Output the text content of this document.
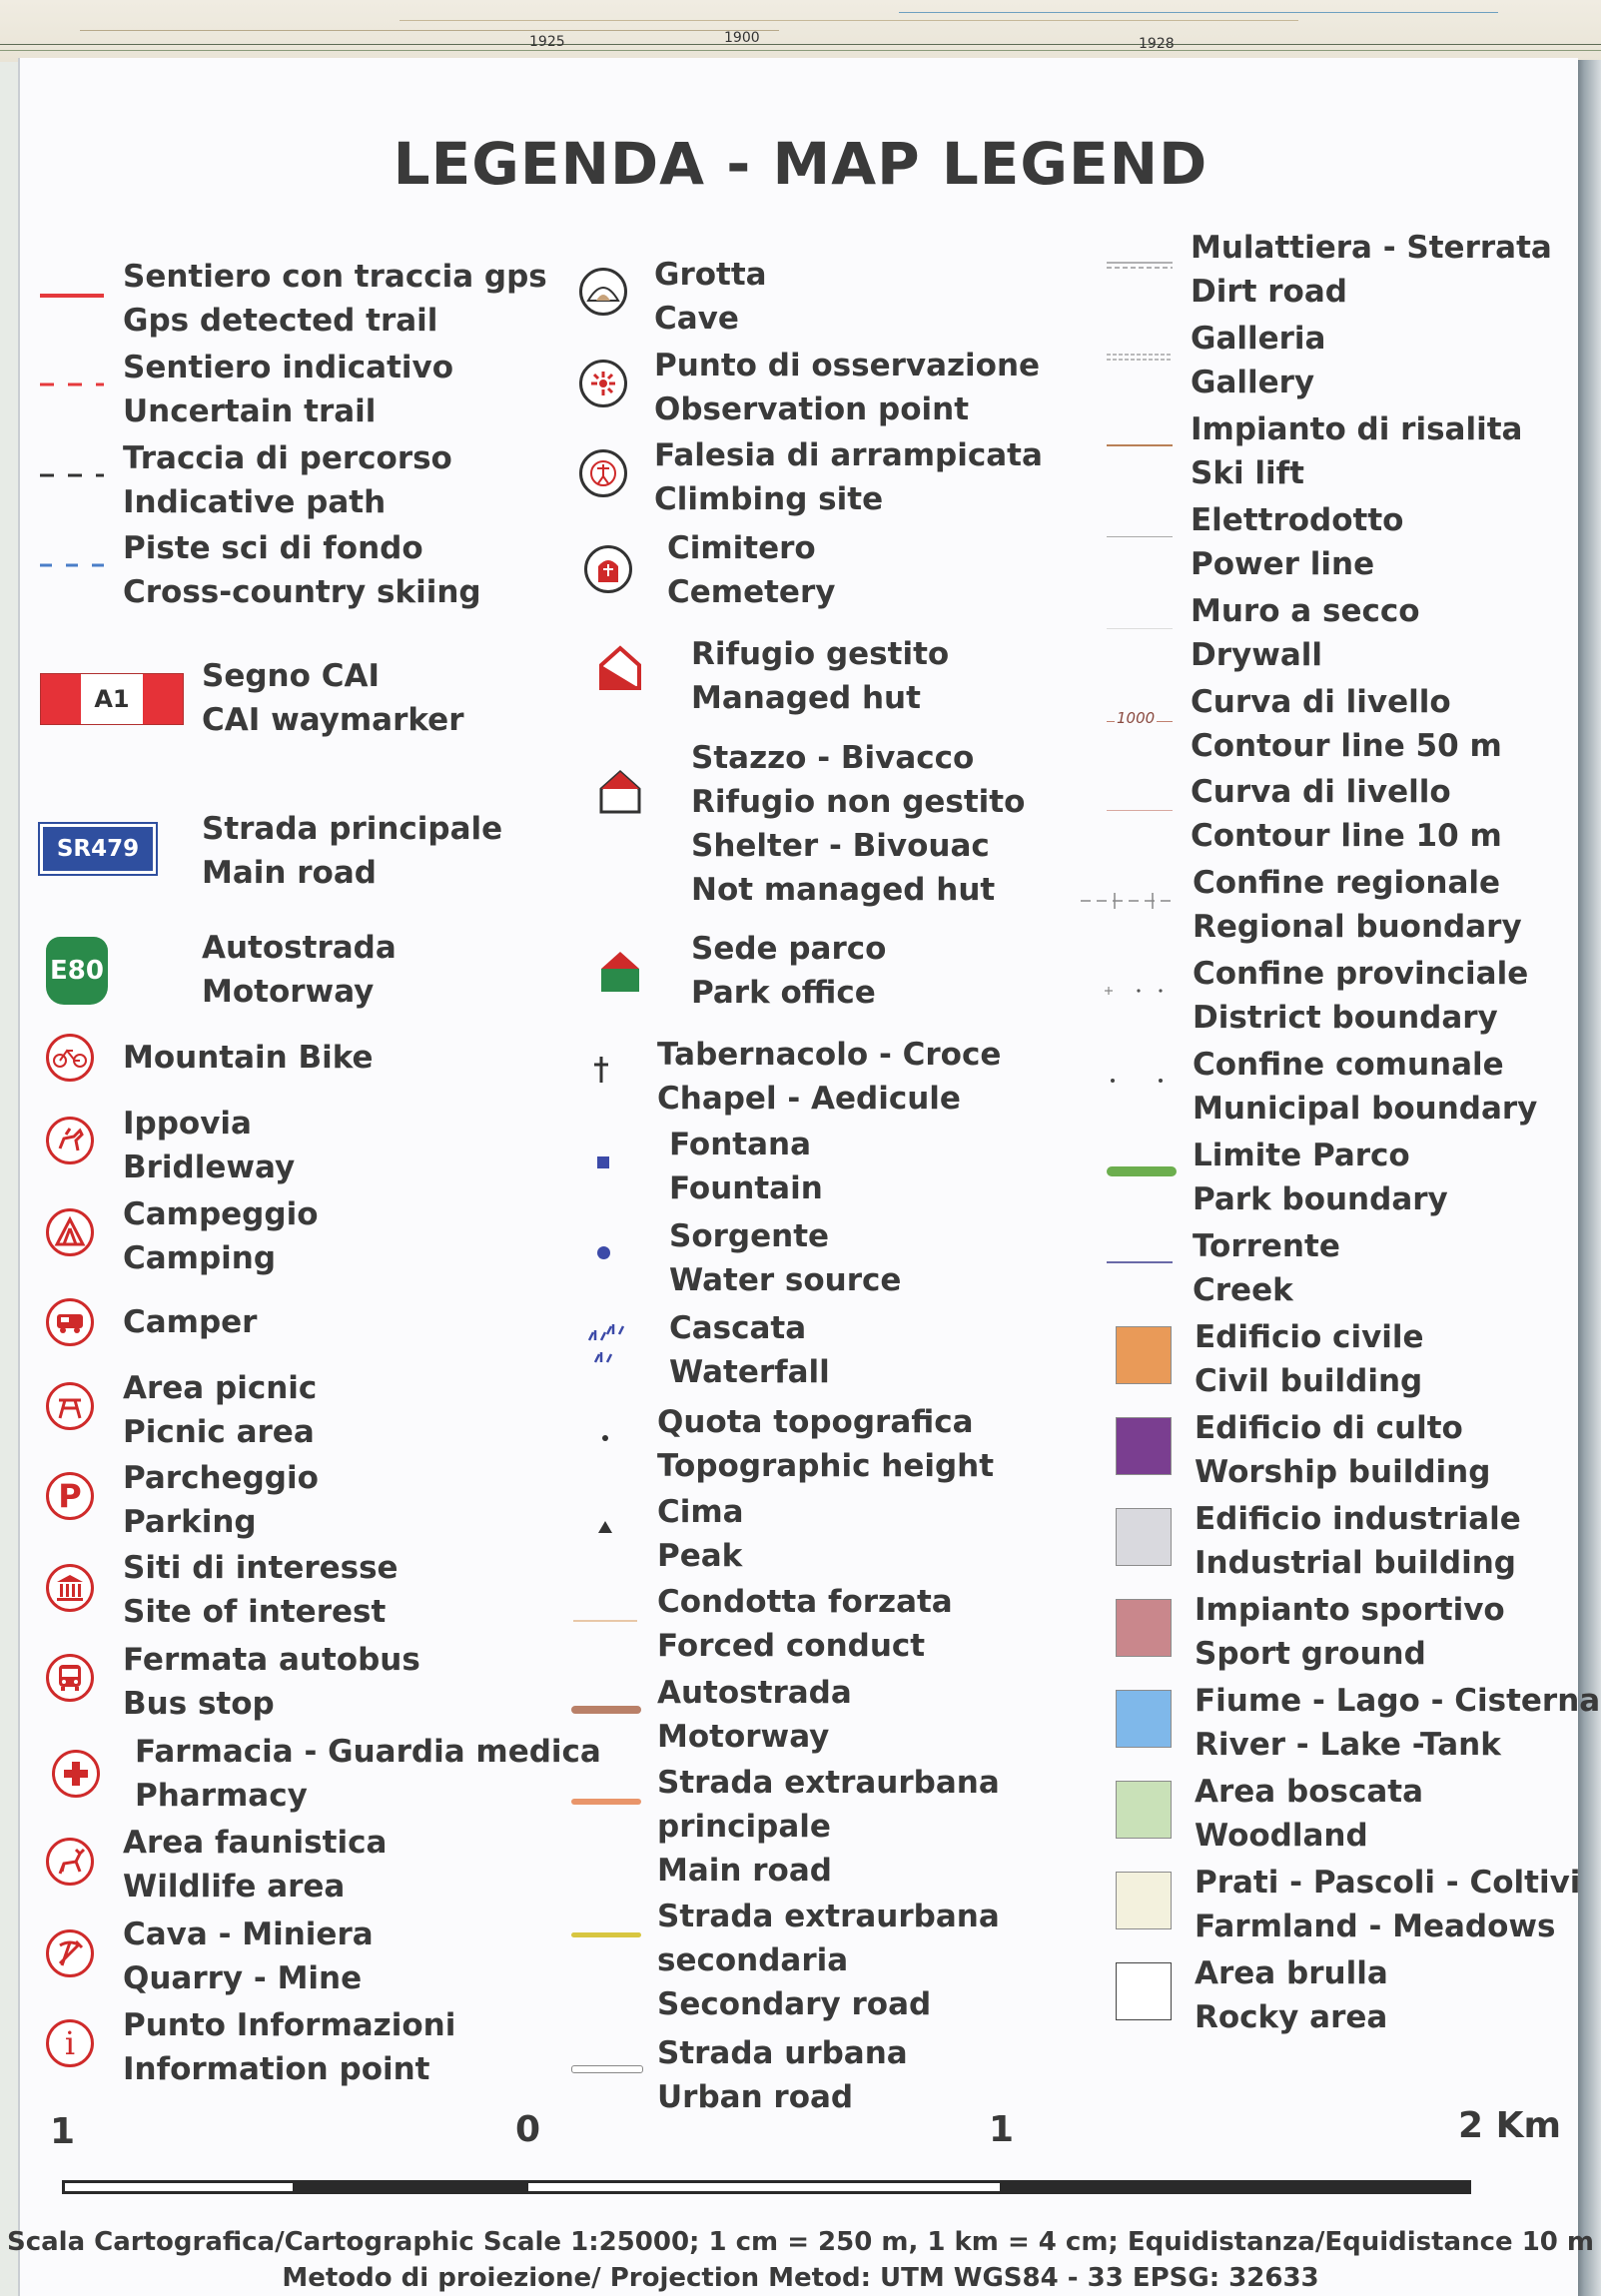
1925	1900	1928
LEGENDA - MAP LEGEND
Sentiero con traccia gps
Gps detected trail
Sentiero indicativo
Uncertain trail
Traccia di percorso
Indicative path
Piste sci di fondo
Cross-country skiing
A1
Segno CAI
CAI waymarker
SR479
Strada principale
Main road
E80
Autostrada
Motorway
Mountain Bike
Ippovia
Bridleway
Campeggio
Camping
Camper
Area picnic
Picnic area
P	Parcheggio
Parking
Siti di interesse
Site of interest
Fermata autobus
Bus stop
Farmacia - Guardia medica
Pharmacy
Area faunistica
Wildlife area
Cava - Miniera
Quarry - Mine
i	Punto Informazioni
Information point
Grotta
Cave
Punto di osservazione
Observation point
Falesia di arrampicata
Climbing site
Cimitero
Cemetery
Rifugio gestito
Managed hut
Stazzo - Bivacco
Rifugio non gestito
Shelter - Bivouac
Not managed hut
Sede parco
Park office
Tabernacolo - Croce
Chapel - Aedicule
Fontana
Fountain
Sorgente
Water source
Cascata
Waterfall
Quota topografica
Topographic height
Cima
Peak
Condotta forzata
Forced conduct
Autostrada
Motorway
Strada extraurbana
principale
Main road
Strada extraurbana
secondaria
Secondary road
Strada urbana
Urban road
Mulattiera - Sterrata
Dirt road
Galleria
Gallery
Impianto di risalita
Ski lift
Elettrodotto
Power line
Muro a secco
Drywall
1000 Curva di livello
Contour line 50 m
Curva di livello
Contour line 10 m
Confine regionale
Regional buondary
Confine provinciale
District boundary
Confine comunale
Municipal boundary
Limite Parco
Park boundary
Torrente
Creek
Edificio civile
Civil building
Edificio di culto
Worship building
Edificio industriale
Industrial building
Impianto sportivo
Sport ground
Fiume - Lago - Cisterna
River - Lake -Tank
Area boscata
Woodland
Prati - Pascoli - Coltivi
Farmland - Meadows
Area brulla
Rocky area
1	0	1	2 Km
Scala Cartografica/Cartographic Scale 1:25000; 1 cm = 250 m, 1 km = 4 cm; Equidistanza/Equidistance 10 m
Metodo di proiezione/ Projection Metod: UTM WGS84 - 33 EPSG: 32633
